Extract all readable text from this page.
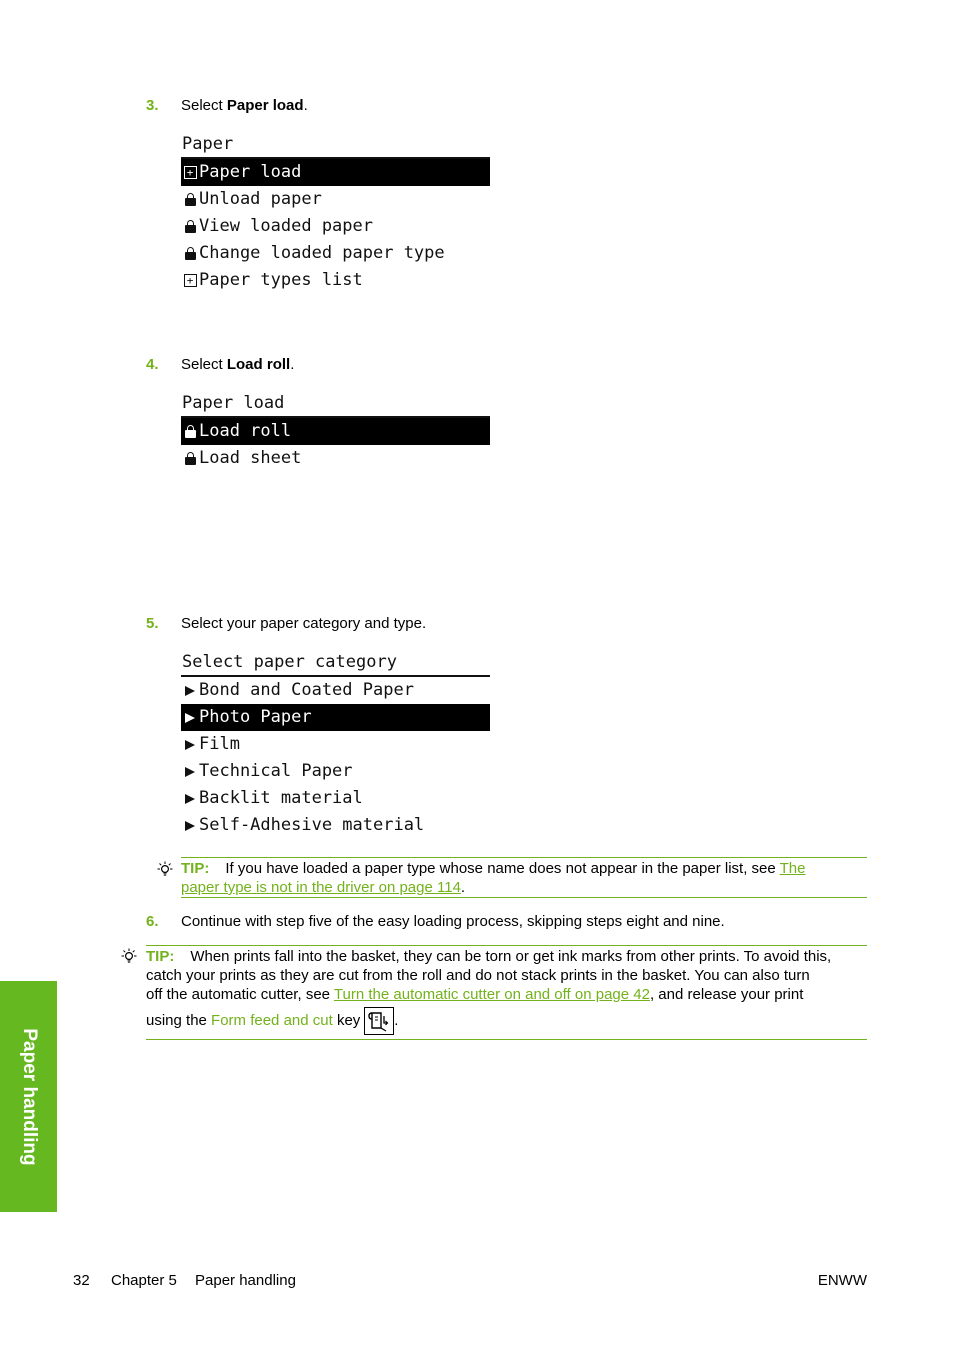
3. Select Paper load.
Paper
+ Paper load
Unload paper
View loaded paper
Change loaded paper type
+ Paper types list
4. Select Load roll.
Paper load
Load roll
Load sheet
5. Select your paper category and type.
Select paper category
Bond and Coated Paper
Photo Paper
Film
Technical Paper
Backlit material
Self-Adhesive material
TIP: If you have loaded a paper type whose name does not appear in the paper list, see The
paper type is not in the driver on page 114.
6. Continue with step five of the easy loading process, skipping steps eight and nine.
TIP: When prints fall into the basket, they can be torn or get ink marks from other prints. To avoid this,
catch your prints as they are cut from the roll and do not stack prints in the basket. You can also turn
off the automatic cutter, see Turn the automatic cutter on and off on page 42, and release your print
using the Form feed and cut key .
Paper handling
32 Chapter 5 Paper handling	ENWW
